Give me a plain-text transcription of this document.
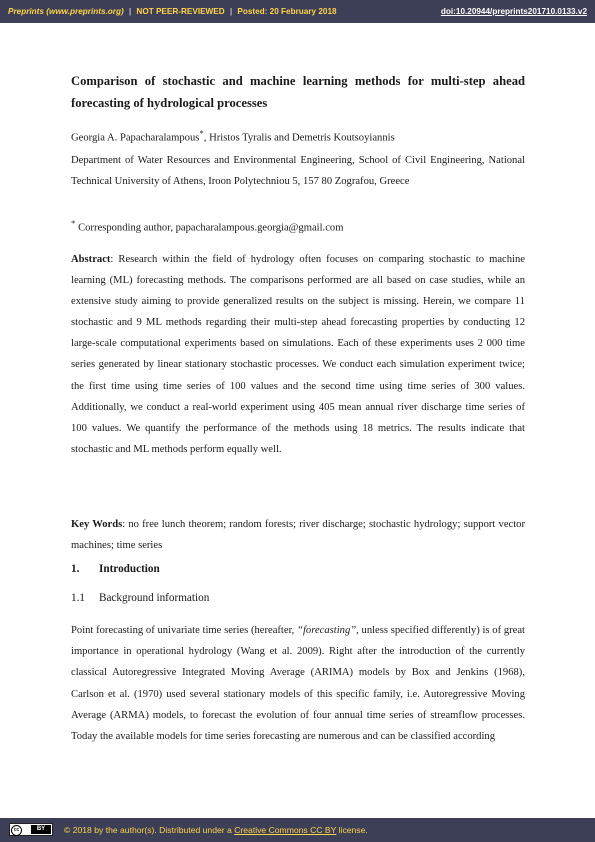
Preprints (www.preprints.org) | NOT PEER-REVIEWED | Posted: 20 February 2018	doi:10.20944/preprints201710.0133.v2
Comparison of stochastic and machine learning methods for multi-step ahead forecasting of hydrological processes
Georgia A. Papacharalampous*, Hristos Tyralis and Demetris Koutsoyiannis
Department of Water Resources and Environmental Engineering, School of Civil Engineering, National Technical University of Athens, Iroon Polytechniou 5, 157 80 Zografou, Greece
* Corresponding author, papacharalampous.georgia@gmail.com
Abstract: Research within the field of hydrology often focuses on comparing stochastic to machine learning (ML) forecasting methods. The comparisons performed are all based on case studies, while an extensive study aiming to provide generalized results on the subject is missing. Herein, we compare 11 stochastic and 9 ML methods regarding their multi-step ahead forecasting properties by conducting 12 large-scale computational experiments based on simulations. Each of these experiments uses 2 000 time series generated by linear stationary stochastic processes. We conduct each simulation experiment twice; the first time using time series of 100 values and the second time using time series of 300 values. Additionally, we conduct a real-world experiment using 405 mean annual river discharge time series of 100 values. We quantify the performance of the methods using 18 metrics. The results indicate that stochastic and ML methods perform equally well.
Key Words: no free lunch theorem; random forests; river discharge; stochastic hydrology; support vector machines; time series
1. Introduction
1.1 Background information
Point forecasting of univariate time series (hereafter, “forecasting”, unless specified differently) is of great importance in operational hydrology (Wang et al. 2009). Right after the introduction of the currently classical Autoregressive Integrated Moving Average (ARIMA) models by Box and Jenkins (1968), Carlson et al. (1970) used several stationary models of this specific family, i.e. Autoregressive Moving Average (ARMA) models, to forecast the evolution of four annual time series of streamflow processes. Today the available models for time series forecasting are numerous and can be classified according
cc	BY	© 2018 by the author(s). Distributed under a Creative Commons CC BY license.
